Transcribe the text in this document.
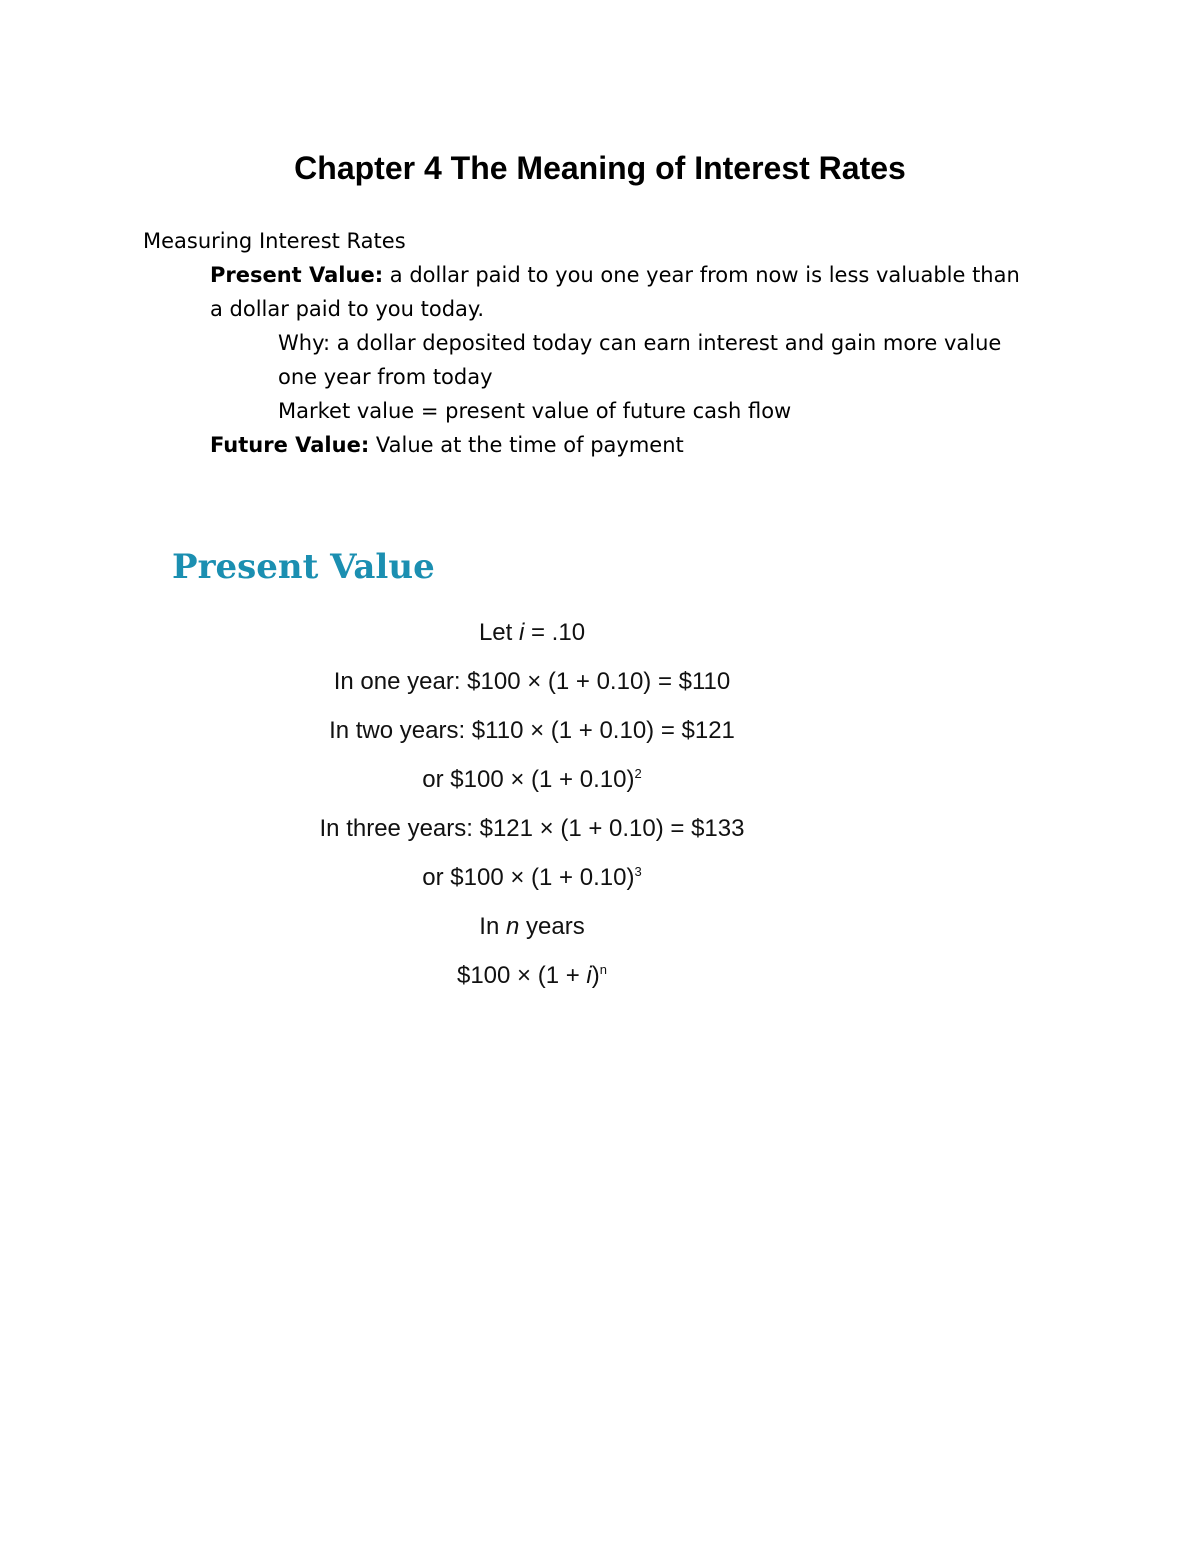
Chapter 4 The Meaning of Interest Rates
Measuring Interest Rates
Present Value: a dollar paid to you one year from now is less valuable than
a dollar paid to you today.
Why: a dollar deposited today can earn interest and gain more value
one year from today
Market value = present value of future cash flow
Future Value: Value at the time of payment
Present Value
Let i = .10
In one year: $100 × (1 + 0.10) = $110
In two years: $110 × (1 + 0.10) = $121
or $100 × $(1 + 0.10)^2$
In three years: $121 × (1 + 0.10) = $133
or $100 × $(1 + 0.10)^3$
In n years
$100 × $(1 + i)^n$
